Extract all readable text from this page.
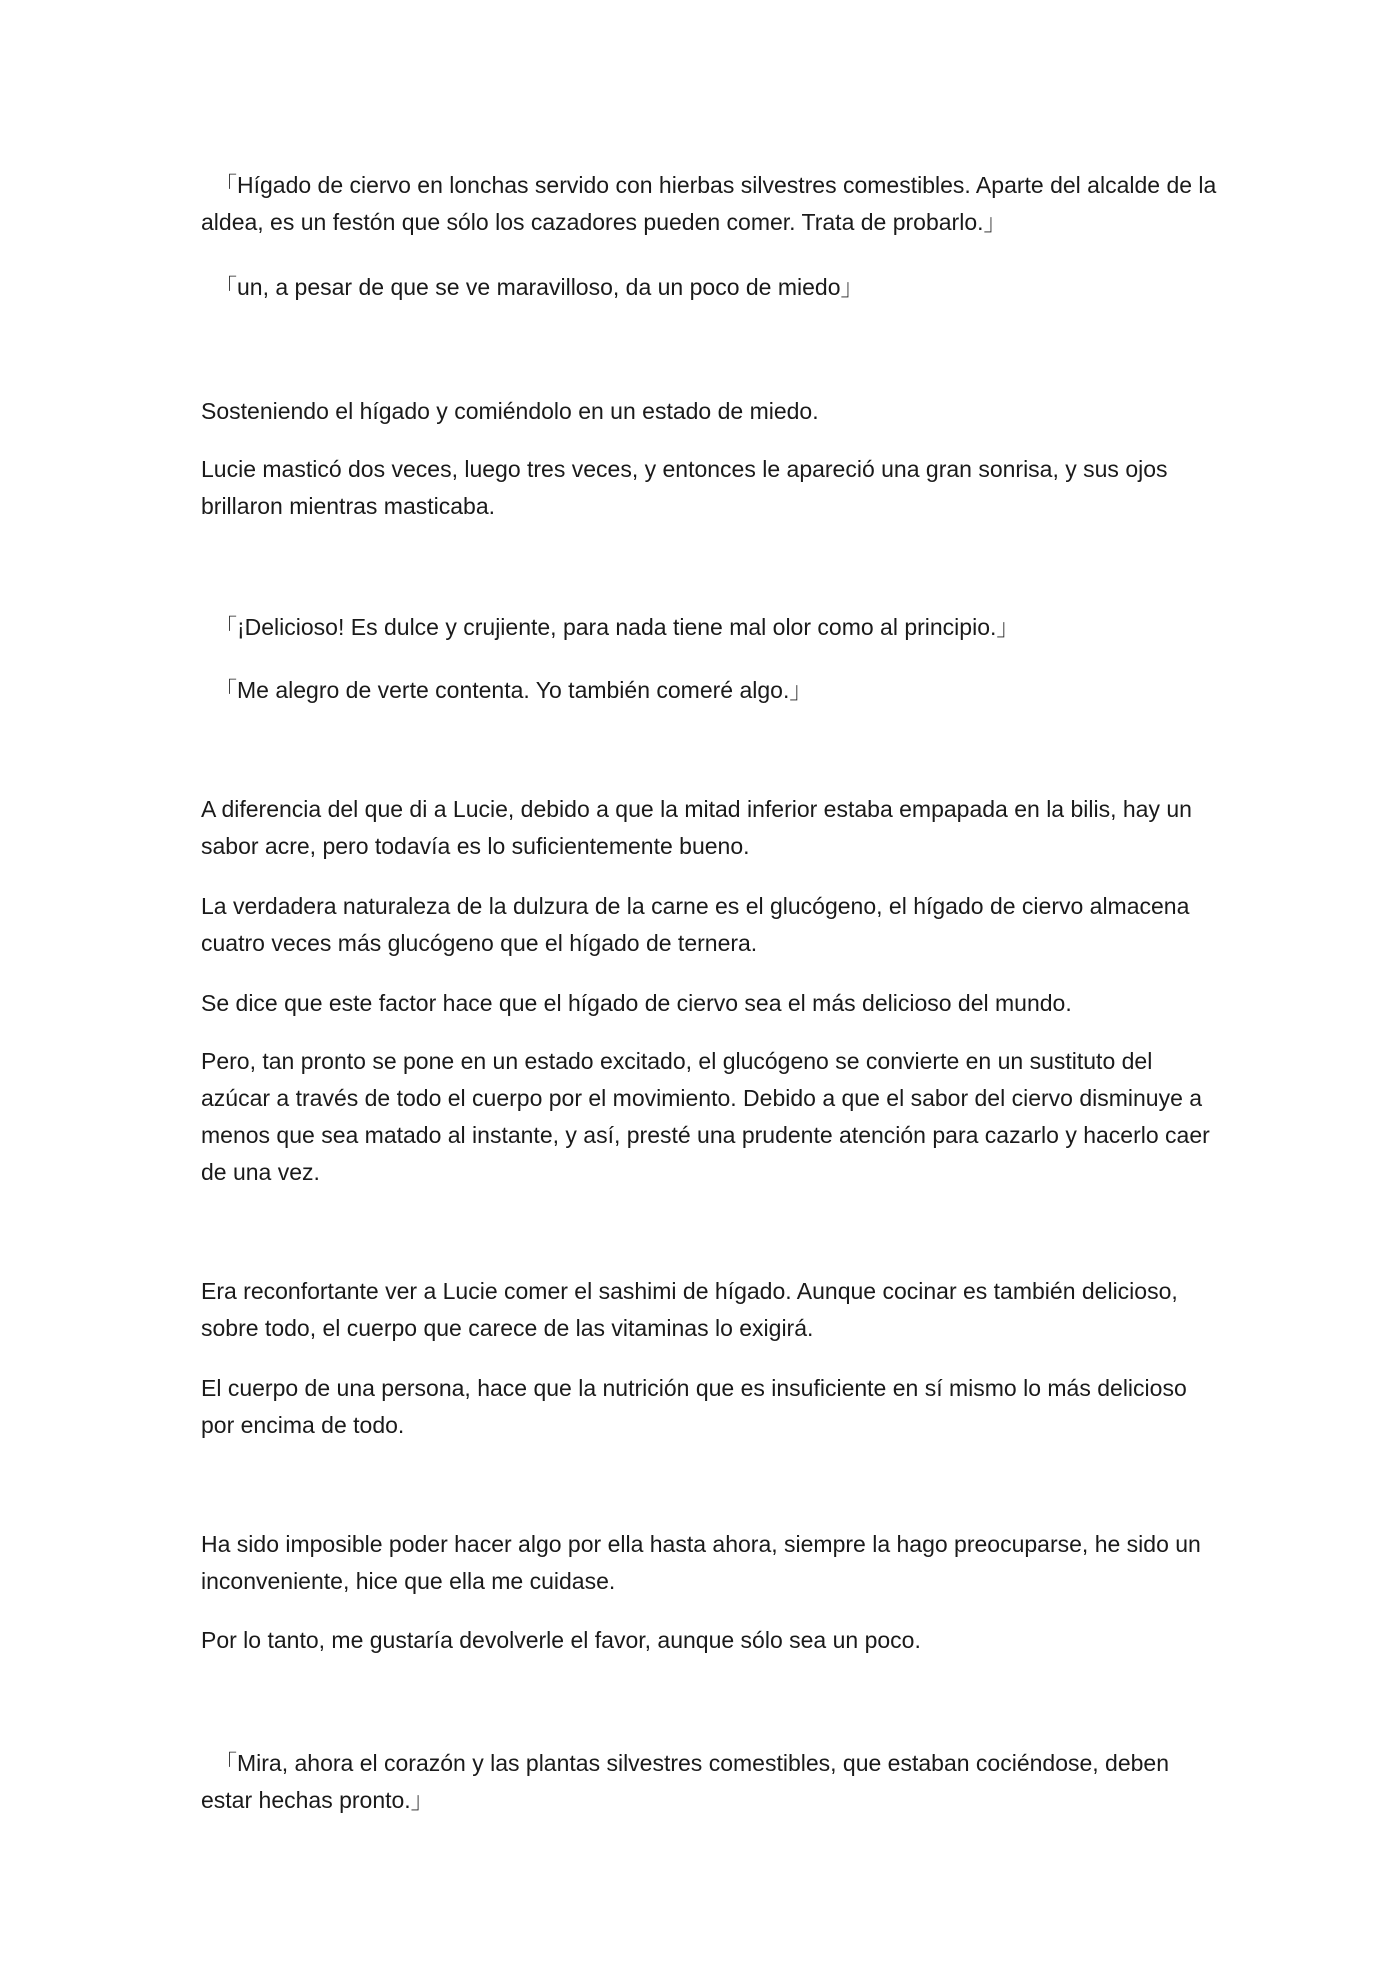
「Hígado de ciervo en lonchas servido con hierbas silvestres comestibles. Aparte del alcalde de la aldea, es un festón que sólo los cazadores pueden comer. Trata de probarlo.」

「un, a pesar de que se ve maravilloso, da un poco de miedo」

Sosteniendo el hígado y comiéndolo en un estado de miedo.

Lucie masticó dos veces, luego tres veces, y entonces le apareció una gran sonrisa, y sus ojos brillaron mientras masticaba.

「¡Delicioso! Es dulce y crujiente, para nada tiene mal olor como al principio.」

「Me alegro de verte contenta. Yo también comeré algo.」

A diferencia del que di a Lucie, debido a que la mitad inferior estaba empapada en la bilis, hay un sabor acre, pero todavía es lo suficientemente bueno.

La verdadera naturaleza de la dulzura de la carne es el glucógeno, el hígado de ciervo almacena cuatro veces más glucógeno que el hígado de ternera.

Se dice que este factor hace que el hígado de ciervo sea el más delicioso del mundo.

Pero, tan pronto se pone en un estado excitado, el glucógeno se convierte en un sustituto del azúcar a través de todo el cuerpo por el movimiento. Debido a que el sabor del ciervo disminuye a menos que sea matado al instante, y así, presté una prudente atención para cazarlo y hacerlo caer de una vez.

Era reconfortante ver a Lucie comer el sashimi de hígado. Aunque cocinar es también delicioso, sobre todo, el cuerpo que carece de las vitaminas lo exigirá.

El cuerpo de una persona, hace que la nutrición que es insuficiente en sí mismo lo más delicioso por encima de todo.

Ha sido imposible poder hacer algo por ella hasta ahora, siempre la hago preocuparse, he sido un inconveniente, hice que ella me cuidase.

Por lo tanto, me gustaría devolverle el favor, aunque sólo sea un poco.

「Mira, ahora el corazón y las plantas silvestres comestibles, que estaban cociéndose, deben estar hechas pronto.」
